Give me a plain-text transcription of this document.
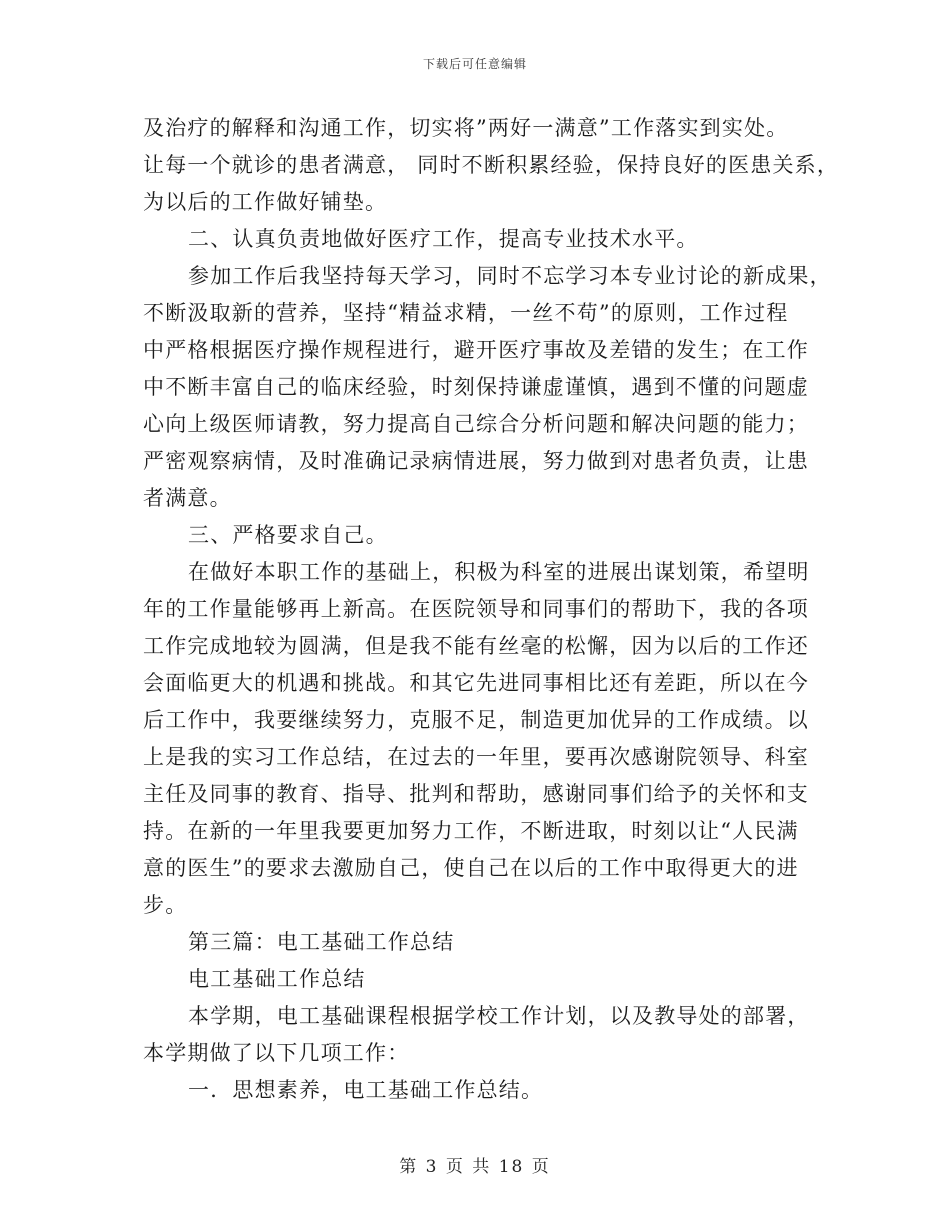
下载后可任意编辑
及治疗的解释和沟通工作，切实将”两好一满意”工作落实到实处。
让每一个就诊的患者满意， 同时不断积累经验，保持良好的医患关系，
为以后的工作做好铺垫。
二、认真负责地做好医疗工作，提高专业技术水平。
参加工作后我坚持每天学习，同时不忘学习本专业讨论的新成果，
不断汲取新的营养，坚持“精益求精，一丝不苟”的原则，工作过程
中严格根据医疗操作规程进行，避开医疗事故及差错的发生；在工作
中不断丰富自己的临床经验，时刻保持谦虚谨慎，遇到不懂的问题虚
心向上级医师请教，努力提高自己综合分析问题和解决问题的能力；
严密观察病情，及时准确记录病情进展，努力做到对患者负责，让患
者满意。
三、严格要求自己。
在做好本职工作的基础上，积极为科室的进展出谋划策，希望明
年的工作量能够再上新高。在医院领导和同事们的帮助下，我的各项
工作完成地较为圆满，但是我不能有丝毫的松懈，因为以后的工作还
会面临更大的机遇和挑战。和其它先进同事相比还有差距，所以在今
后工作中，我要继续努力，克服不足，制造更加优异的工作成绩。以
上是我的实习工作总结，在过去的一年里，要再次感谢院领导、科室
主任及同事的教育、指导、批判和帮助，感谢同事们给予的关怀和支
持。在新的一年里我要更加努力工作，不断进取，时刻以让“人民满
意的医生”的要求去激励自己，使自己在以后的工作中取得更大的进
步。
第三篇：电工基础工作总结
电工基础工作总结
本学期，电工基础课程根据学校工作计划，以及教导处的部署，
本学期做了以下几项工作：
一．思想素养，电工基础工作总结。
第 3 页 共 18 页
